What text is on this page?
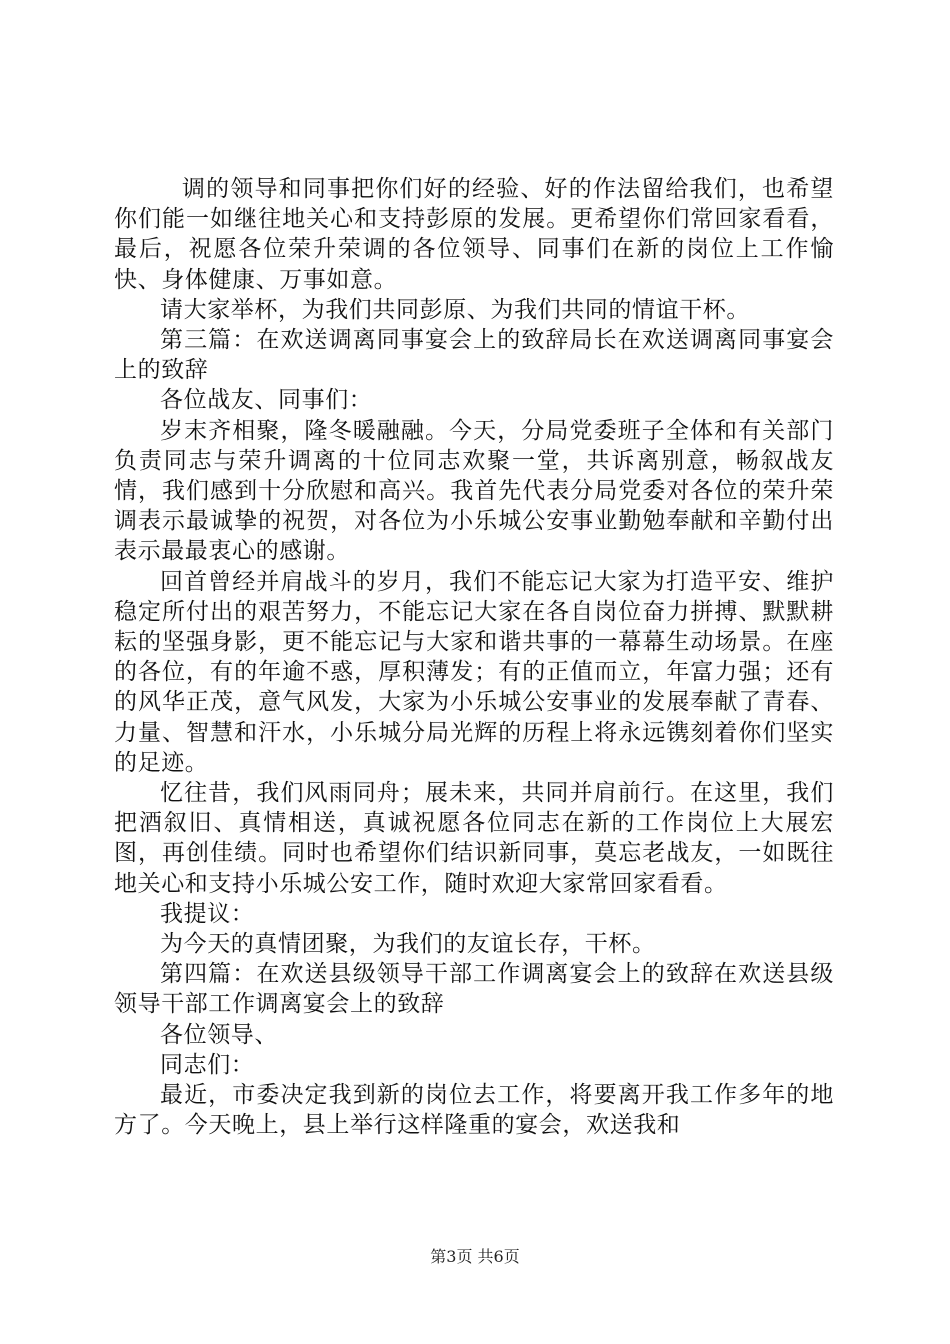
调的领导和同事把你们好的经验、好的作法留给我们，也希望你们能一如继往地关心和支持彭原的发展。更希望你们常回家看看，最后，祝愿各位荣升荣调的各位领导、同事们在新的岗位上工作愉快、身体健康、万事如意。

请大家举杯，为我们共同彭原、为我们共同的情谊干杯。

第三篇：在欢送调离同事宴会上的致辞局长在欢送调离同事宴会上的致辞

各位战友、同事们：

岁末齐相聚，隆冬暖融融。今天，分局党委班子全体和有关部门负责同志与荣升调离的十位同志欢聚一堂，共诉离别意，畅叙战友情，我们感到十分欣慰和高兴。我首先代表分局党委对各位的荣升荣调表示最诚挚的祝贺，对各位为小乐城公安事业勤勉奉献和辛勤付出表示最最衷心的感谢。

回首曾经并肩战斗的岁月，我们不能忘记大家为打造平安、维护稳定所付出的艰苦努力，不能忘记大家在各自岗位奋力拼搏、默默耕耘的坚强身影，更不能忘记与大家和谐共事的一幕幕生动场景。在座的各位，有的年逾不惑，厚积薄发；有的正值而立，年富力强；还有的风华正茂，意气风发，大家为小乐城公安事业的发展奉献了青春、力量、智慧和汗水，小乐城分局光辉的历程上将永远镌刻着你们坚实的足迹。

忆往昔，我们风雨同舟；展未来，共同并肩前行。在这里，我们把酒叙旧、真情相送，真诚祝愿各位同志在新的工作岗位上大展宏图，再创佳绩。同时也希望你们结识新同事，莫忘老战友，一如既往地关心和支持小乐城公安工作，随时欢迎大家常回家看看。

我提议：

为今天的真情团聚，为我们的友谊长存，干杯。

第四篇：在欢送县级领导干部工作调离宴会上的致辞在欢送县级领导干部工作调离宴会上的致辞

各位领导、

同志们：

最近，市委决定我到新的岗位去工作，将要离开我工作多年的地方了。今天晚上，县上举行这样隆重的宴会，欢送我和

第3页 共6页
